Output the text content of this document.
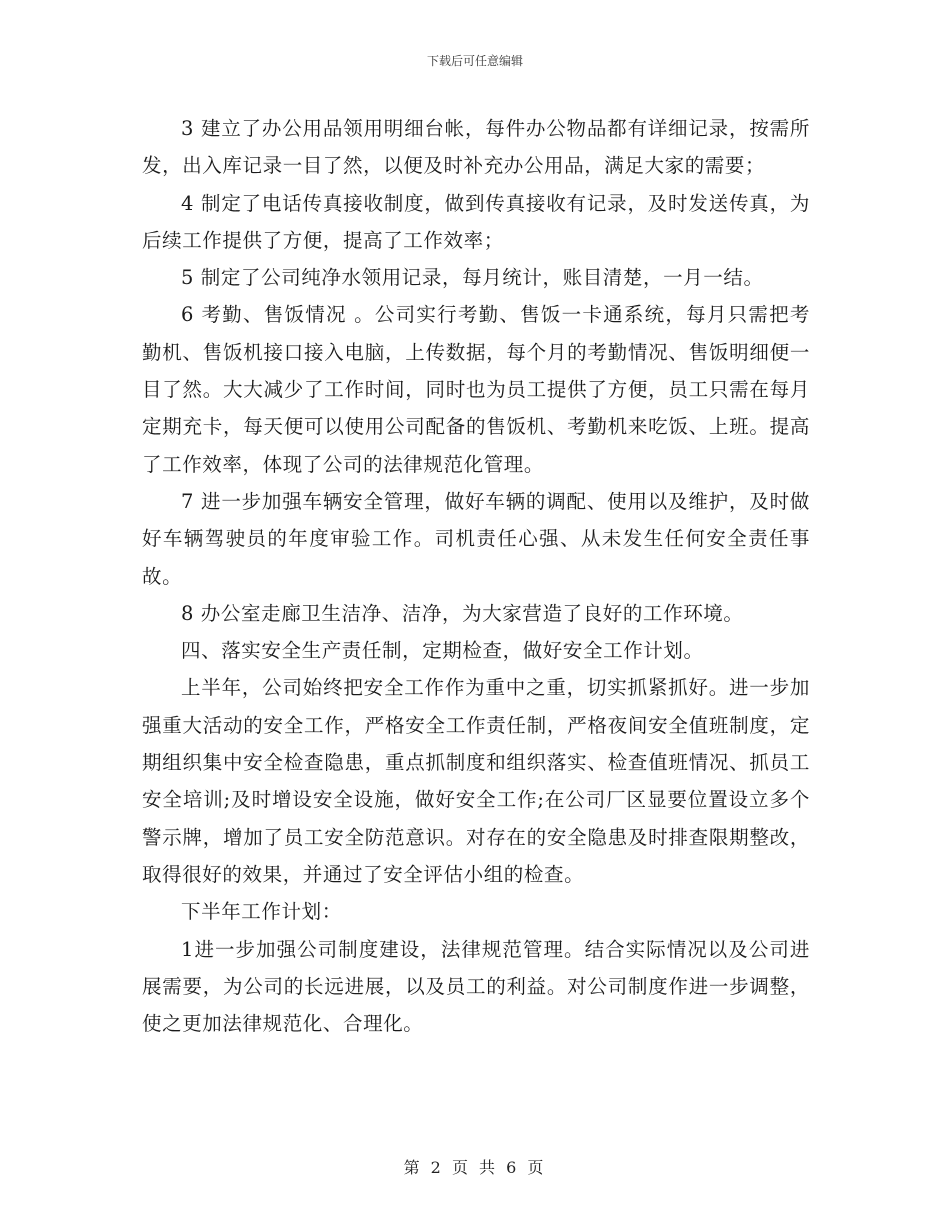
下载后可任意编辑

3 建立了办公用品领用明细台帐，每件办公物品都有详细记录，按需所发，出入库记录一目了然，以便及时补充办公用品，满足大家的需要；

4 制定了电话传真接收制度，做到传真接收有记录，及时发送传真，为后续工作提供了方便，提高了工作效率；

5 制定了公司纯净水领用记录，每月统计，账目清楚，一月一结。

6 考勤、售饭情况 。公司实行考勤、售饭一卡通系统，每月只需把考勤机、售饭机接口接入电脑，上传数据，每个月的考勤情况、售饭明细便一目了然。大大减少了工作时间，同时也为员工提供了方便，员工只需在每月定期充卡，每天便可以使用公司配备的售饭机、考勤机来吃饭、上班。提高了工作效率，体现了公司的法律规范化管理。

7 进一步加强车辆安全管理，做好车辆的调配、使用以及维护，及时做好车辆驾驶员的年度审验工作。司机责任心强、从未发生任何安全责任事故。

8 办公室走廊卫生洁净、洁净，为大家营造了良好的工作环境。

四、落实安全生产责任制，定期检查，做好安全工作计划。

上半年，公司始终把安全工作作为重中之重，切实抓紧抓好。进一步加强重大活动的安全工作，严格安全工作责任制，严格夜间安全值班制度，定期组织集中安全检查隐患，重点抓制度和组织落实、检查值班情况、抓员工安全培训;及时增设安全设施，做好安全工作;在公司厂区显要位置设立多个警示牌，增加了员工安全防范意识。对存在的安全隐患及时排查限期整改，取得很好的效果，并通过了安全评估小组的检查。

下半年工作计划：

1进一步加强公司制度建设，法律规范管理。结合实际情况以及公司进展需要，为公司的长远进展，以及员工的利益。对公司制度作进一步调整，使之更加法律规范化、合理化。

第 2 页 共 6 页
